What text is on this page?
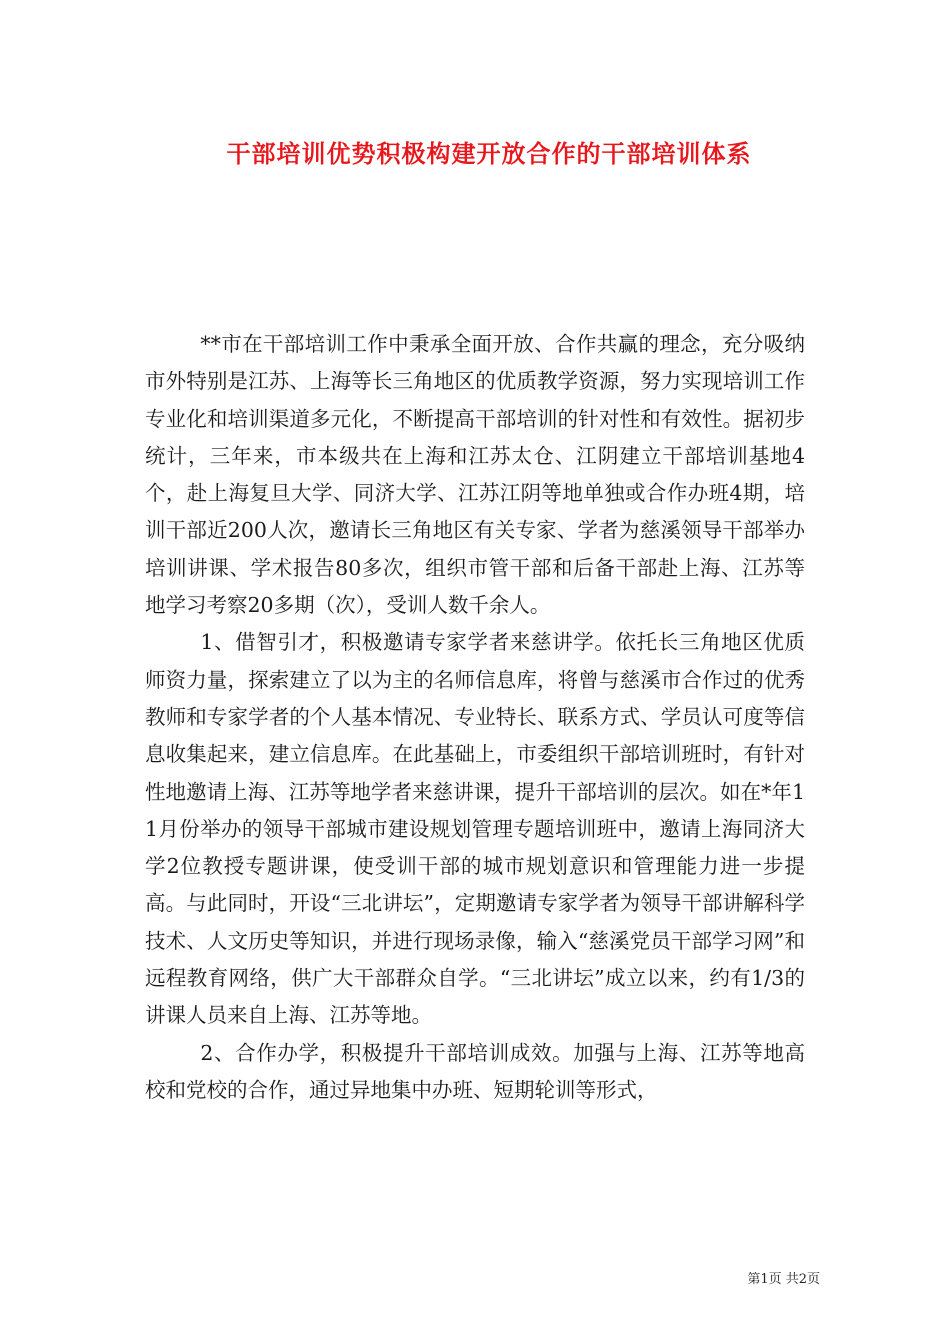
干部培训优势积极构建开放合作的干部培训体系

**市在干部培训工作中秉承全面开放、合作共赢的理念，充分吸纳市外特别是江苏、上海等长三角地区的优质教学资源，努力实现培训工作专业化和培训渠道多元化，不断提高干部培训的针对性和有效性。据初步统计，三年来，市本级共在上海和江苏太仓、江阴建立干部培训基地4个，赴上海复旦大学、同济大学、江苏江阴等地单独或合作办班4期，培训干部近200人次，邀请长三角地区有关专家、学者为慈溪领导干部举办培训讲课、学术报告80多次，组织市管干部和后备干部赴上海、江苏等地学习考察20多期（次），受训人数千余人。

1、借智引才，积极邀请专家学者来慈讲学。依托长三角地区优质师资力量，探索建立了以为主的名师信息库，将曾与慈溪市合作过的优秀教师和专家学者的个人基本情况、专业特长、联系方式、学员认可度等信息收集起来，建立信息库。在此基础上，市委组织干部培训班时，有针对性地邀请上海、江苏等地学者来慈讲课，提升干部培训的层次。如在*年11月份举办的领导干部城市建设规划管理专题培训班中，邀请上海同济大学2位教授专题讲课，使受训干部的城市规划意识和管理能力进一步提高。与此同时，开设“三北讲坛”，定期邀请专家学者为领导干部讲解科学技术、人文历史等知识，并进行现场录像，输入“慈溪党员干部学习网”和远程教育网络，供广大干部群众自学。“三北讲坛”成立以来，约有1/3的讲课人员来自上海、江苏等地。

2、合作办学，积极提升干部培训成效。加强与上海、江苏等地高校和党校的合作，通过异地集中办班、短期轮训等形式，

第1页 共2页
